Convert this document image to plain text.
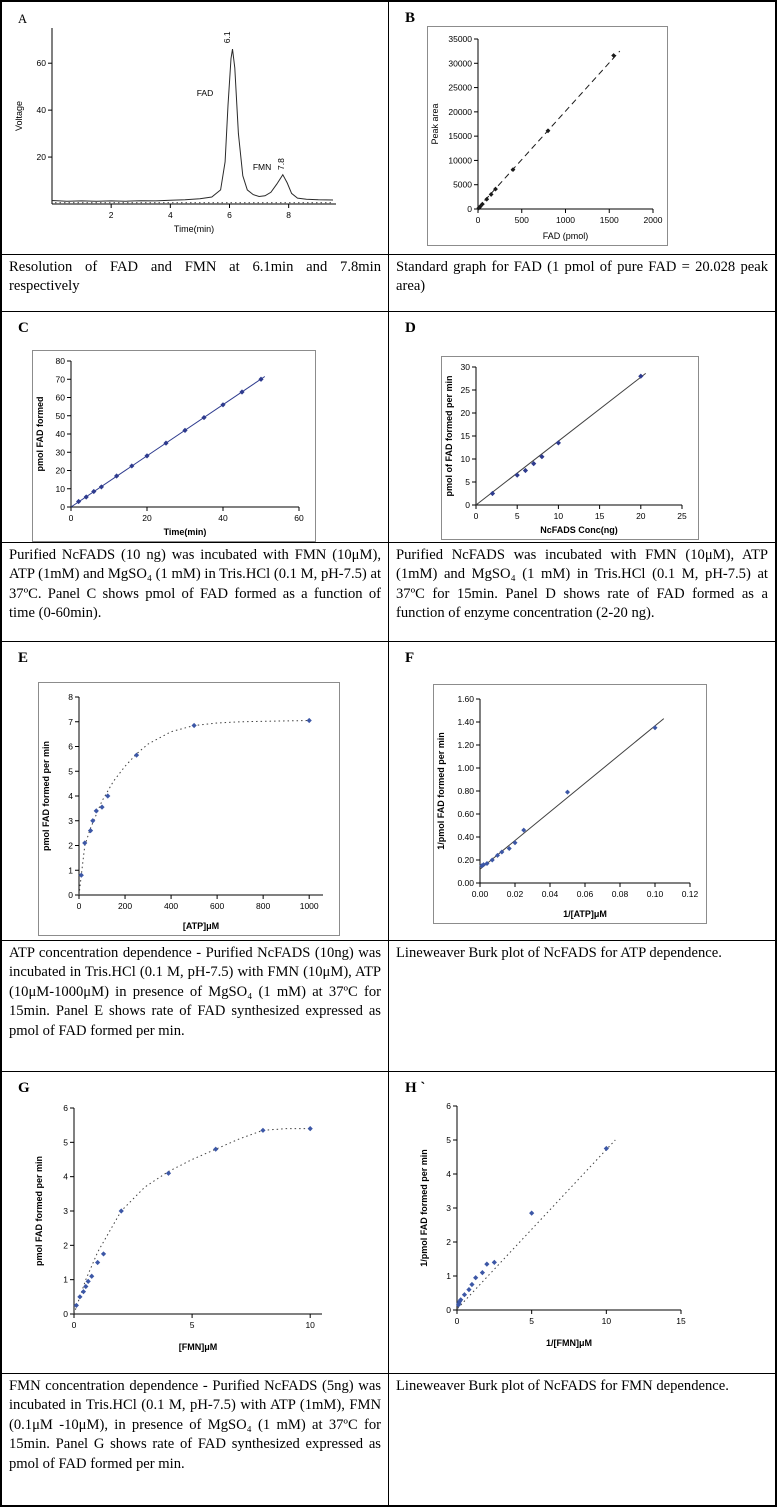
A
2	4	6	8
20
40
60
Time(min)
Voltage
FAD
6.1
FMN 7.8
B
0	500	1000	1500	2000
0
5000
10000
15000
20000
25000
30000
35000
FAD (pmol)
Peak area

Resolution of FAD and FMN at 6.1min and 7.8min respectively

Standard graph for FAD (1 pmol of pure FAD = 20.028 peak area)

C
0	20	40	60
0
10
20
30
40
50
60
70
80
Time(min)
pmol FAD formed
D
0	5	10	15	20	25
0
5
10
15
20
25
30
NcFADS Conc(ng)
pmol of FAD formed per min

Purified NcFADS (10 ng) was incubated with FMN (10μM), ATP (1mM) and MgSO₄ (1 mM) in Tris.HCl (0.1 M, pH-7.5) at 37ºC. Panel C shows pmol of FAD formed as a function of time (0-60min).

Purified NcFADS was incubated with FMN (10μM), ATP (1mM) and MgSO₄ (1 mM) in Tris.HCl (0.1 M, pH-7.5) at 37ºC for 15min. Panel D shows rate of FAD formed as a function of enzyme concentration (2-20 ng).

E
0	200	400	600	800	1000
0
1
2
3
4
5
6
7
8
[ATP]μM
pmol FAD formed per min
F
0.00 0.02 0.04 0.06 0.08 0.10 0.12
0.00
0.20
0.40
0.60
0.80
1.00
1.20
1.40
1.60
1/[ATP]μM
1/pmol FAD formed per min

ATP concentration dependence - Purified NcFADS (10ng) was incubated in Tris.HCl (0.1 M, pH-7.5) with FMN (10μM), ATP (10μM-1000μM) in presence of MgSO₄ (1 mM) at 37ºC for 15min. Panel E shows rate of FAD synthesized expressed as pmol of FAD formed per min.

Lineweaver Burk plot of NcFADS for ATP dependence.

G
0	5	10
0
1
2
3
4
5
6
[FMN]μM
pmol FAD formed per min
H `
0	5	10	15
0
1
2
3
4
5
6
1/[FMN]μM
1/pmol FAD formed per min

FMN concentration dependence - Purified NcFADS (5ng) was incubated in Tris.HCl (0.1 M, pH-7.5) with ATP (1mM), FMN (0.1μM -10μM), in presence of MgSO₄ (1 mM) at 37ºC for 15min. Panel G shows rate of FAD synthesized expressed as pmol of FAD formed per min.

Lineweaver Burk plot of NcFADS for FMN dependence.
